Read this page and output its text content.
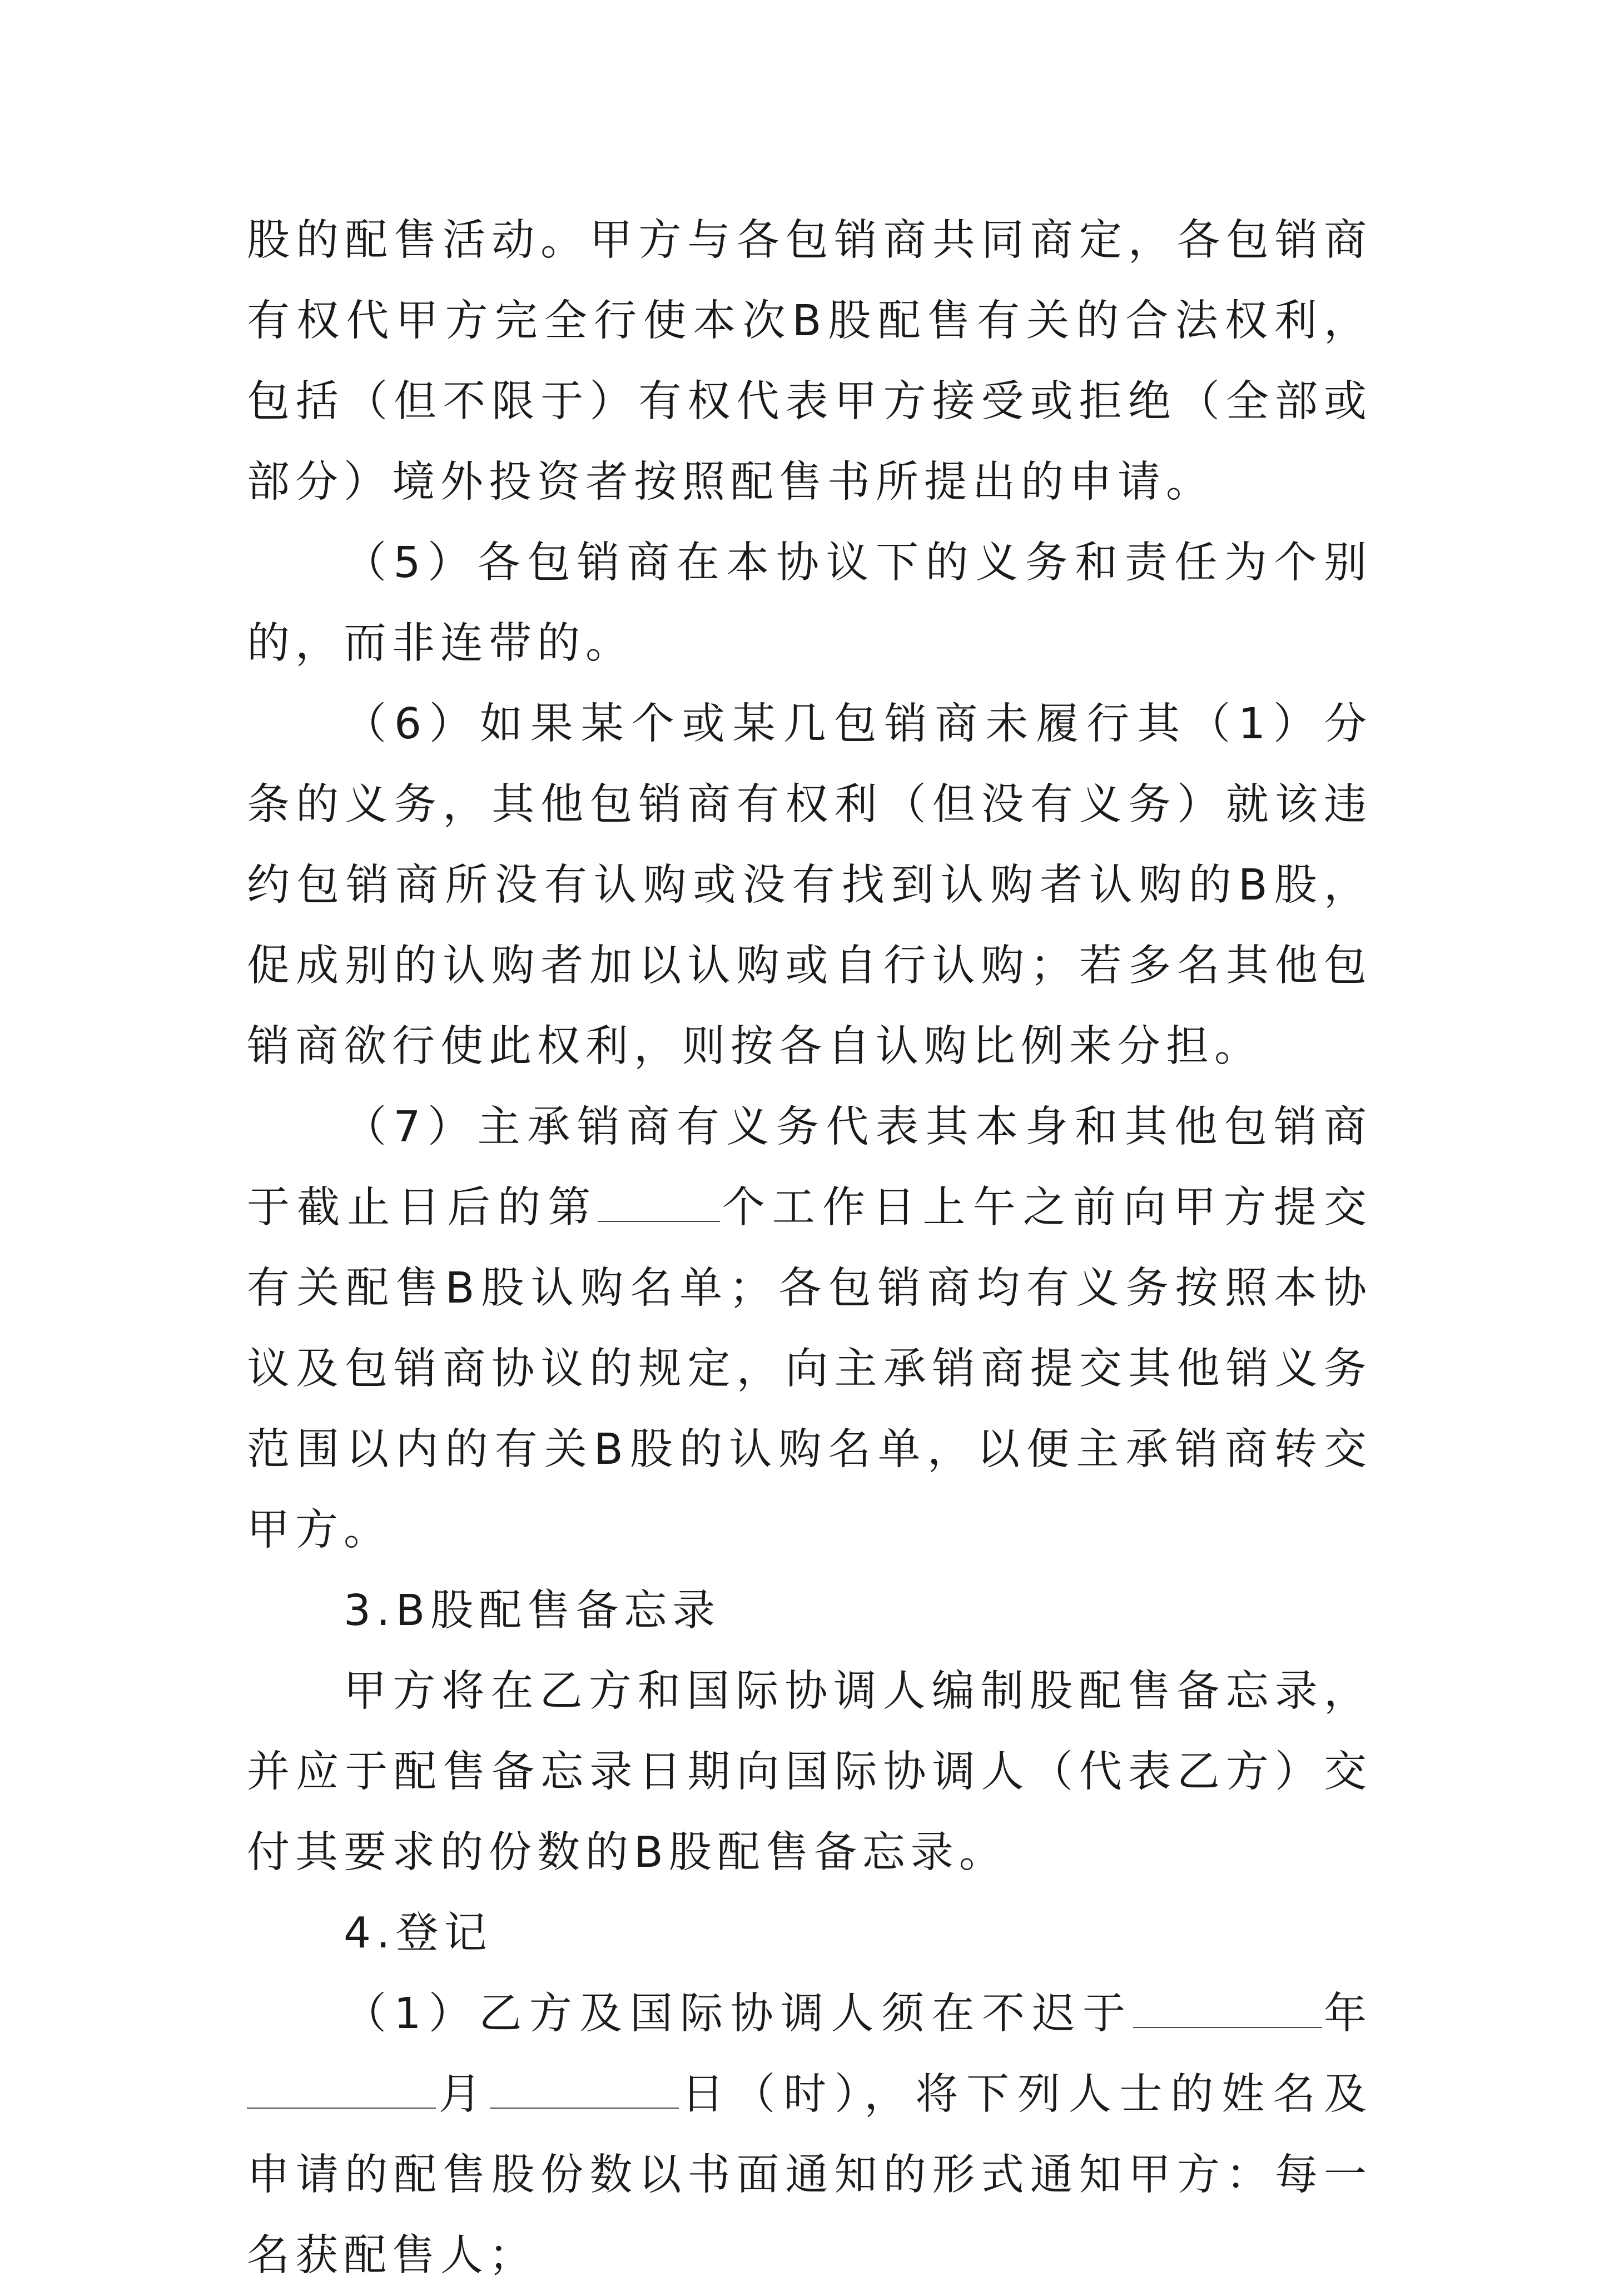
股的配售活动。甲方与各包销商共同商定，各包销商有权代甲方完全行使本次B股配售有关的合法权利，包括（但不限于）有权代表甲方接受或拒绝（全部或部分）境外投资者按照配售书所提出的申请。

（5）各包销商在本协议下的义务和责任为个别的，而非连带的。

（6）如果某个或某几包销商未履行其（1）分条的义务，其他包销商有权利（但没有义务）就该违约包销商所没有认购或没有找到认购者认购的B股，促成别的认购者加以认购或自行认购；若多名其他包销商欲行使此权利，则按各自认购比例来分担。

（7）主承销商有义务代表其本身和其他包销商于截止日后的第	个工作日上午之前向甲方提交有关配售B股认购名单；各包销商均有义务按照本协议及包销商协议的规定，向主承销商提交其他销义务范围以内的有关B股的认购名单，以便主承销商转交甲方。

3.B股配售备忘录

甲方将在乙方和国际协调人编制股配售备忘录，并应于配售备忘录日期向国际协调人（代表乙方）交付其要求的份数的B股配售备忘录。

4.登记

（1）乙方及国际协调人须在不迟于	年月	日（时），将下列人士的姓名及申请的配售股份数以书面通知的形式通知甲方：每一名获配售人；
